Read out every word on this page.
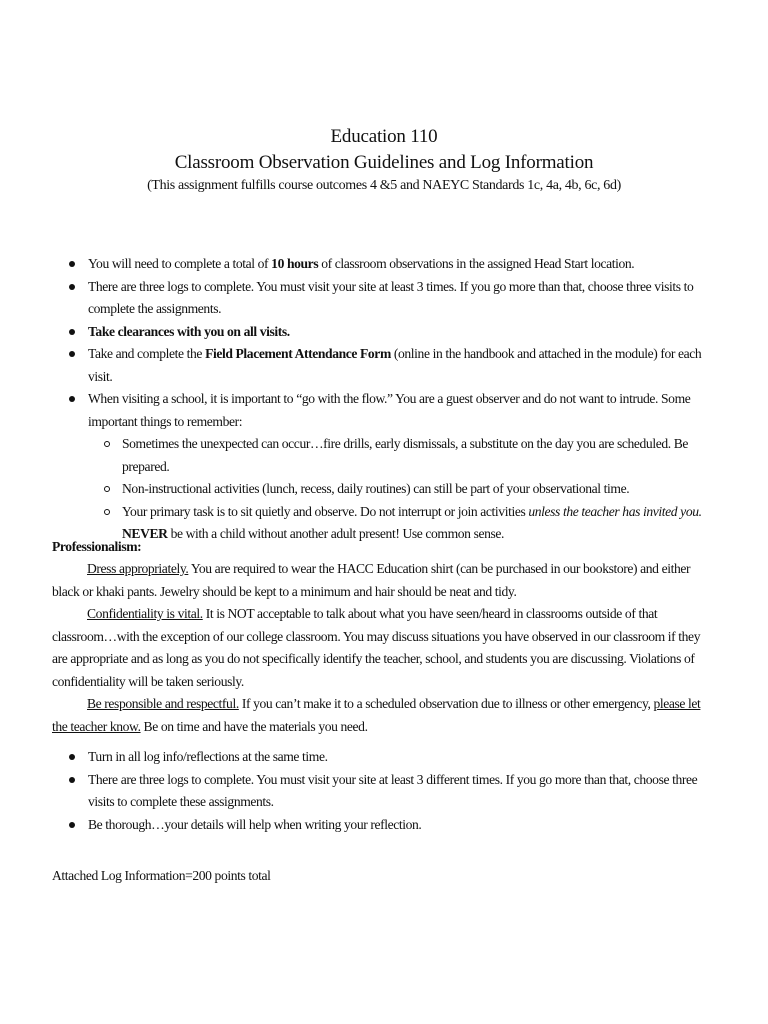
Education 110
Classroom Observation Guidelines and Log Information
(This assignment fulfills course outcomes 4 &5 and NAEYC Standards 1c, 4a, 4b, 6c, 6d)
You will need to complete a total of 10 hours of classroom observations in the assigned Head Start location.
There are three logs to complete. You must visit your site at least 3 times. If you go more than that, choose three visits to complete the assignments.
Take clearances with you on all visits.
Take and complete the Field Placement Attendance Form (online in the handbook and attached in the module) for each visit.
When visiting a school, it is important to “go with the flow.” You are a guest observer and do not want to intrude. Some important things to remember:
Sometimes the unexpected can occur…fire drills, early dismissals, a substitute on the day you are scheduled. Be prepared.
Non-instructional activities (lunch, recess, daily routines) can still be part of your observational time.
Your primary task is to sit quietly and observe. Do not interrupt or join activities unless the teacher has invited you. NEVER be with a child without another adult present! Use common sense.
Professionalism:

Dress appropriately. You are required to wear the HACC Education shirt (can be purchased in our bookstore) and either black or khaki pants. Jewelry should be kept to a minimum and hair should be neat and tidy.

Confidentiality is vital. It is NOT acceptable to talk about what you have seen/heard in classrooms outside of that classroom…with the exception of our college classroom. You may discuss situations you have observed in our classroom if they are appropriate and as long as you do not specifically identify the teacher, school, and students you are discussing. Violations of confidentiality will be taken seriously.

Be responsible and respectful. If you can’t make it to a scheduled observation due to illness or other emergency, please let the teacher know. Be on time and have the materials you need.

Turn in all log info/reflections at the same time.
There are three logs to complete. You must visit your site at least 3 different times. If you go more than that, choose three visits to complete these assignments.
Be thorough…your details will help when writing your reflection.
Attached Log Information=200 points total
